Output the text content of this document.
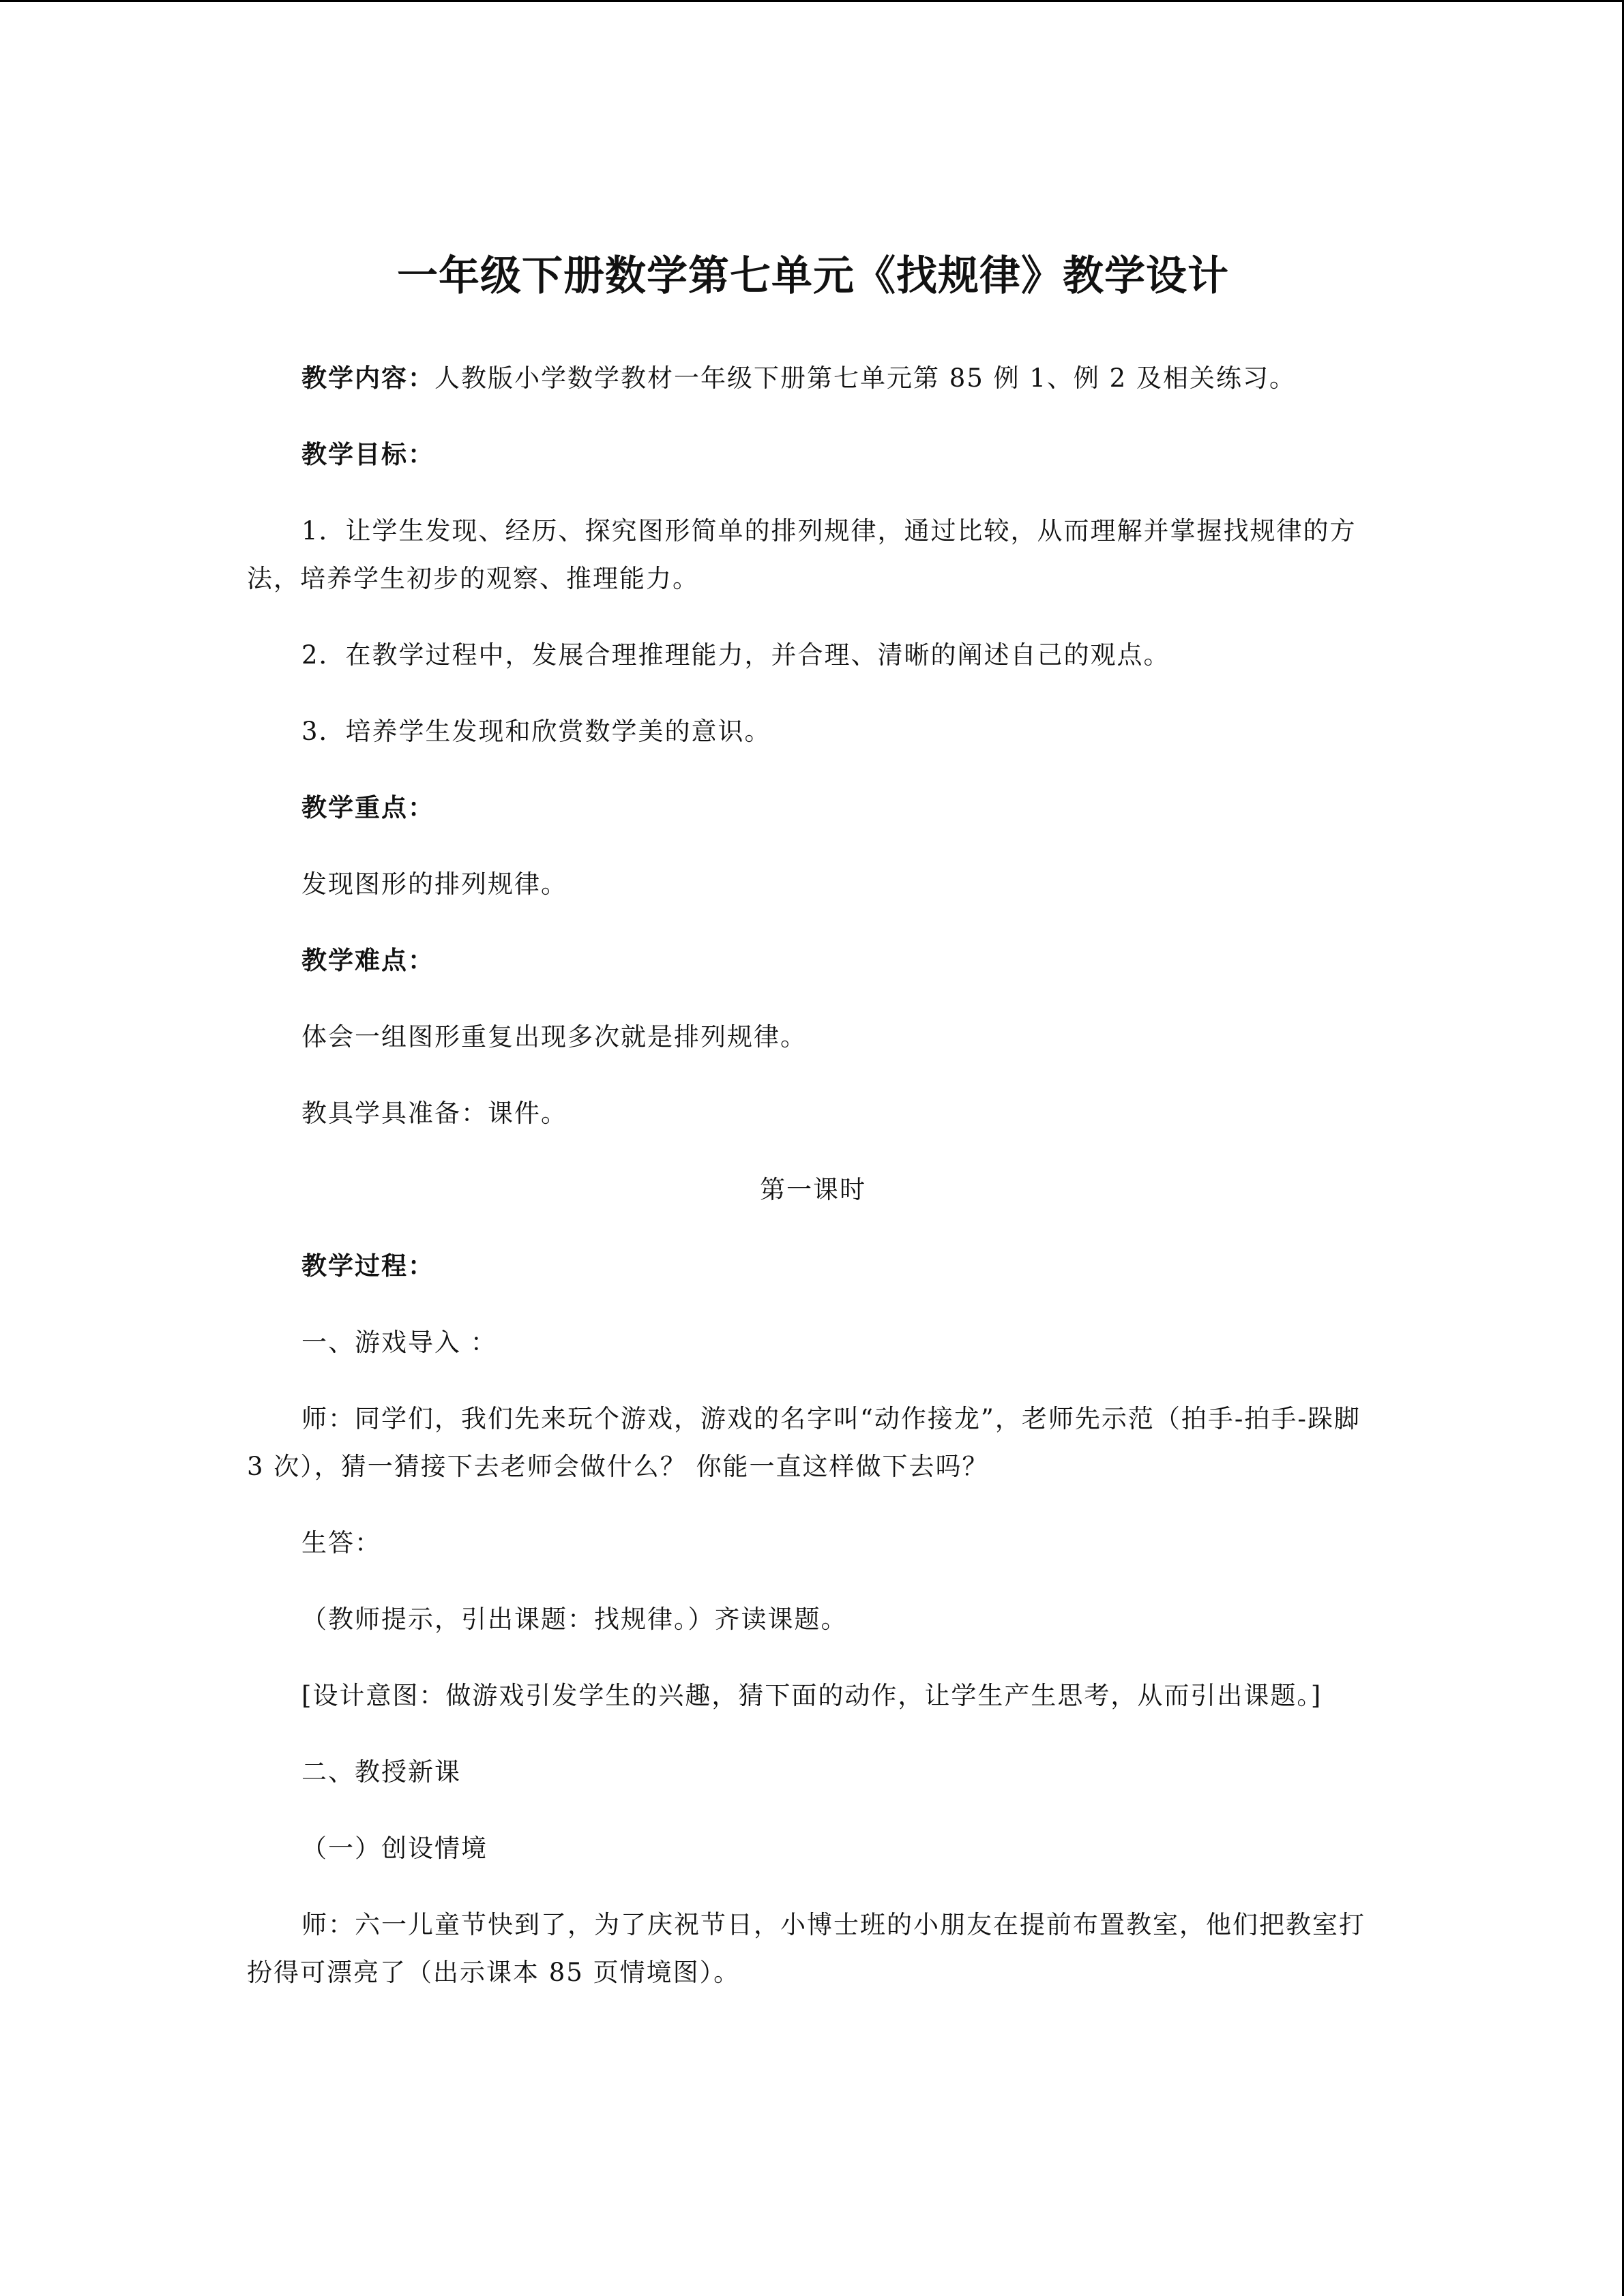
一年级下册数学第七单元《找规律》教学设计

教学内容：人教版小学数学教材一年级下册第七单元第 85 例 1、例 2 及相关练习。

教学目标：

1．让学生发现、经历、探究图形简单的排列规律，通过比较，从而理解并掌握找规律的方法，培养学生初步的观察、推理能力。

2．在教学过程中，发展合理推理能力，并合理、清晰的阐述自己的观点。

3．培养学生发现和欣赏数学美的意识。

教学重点：

发现图形的排列规律。

教学难点：

体会一组图形重复出现多次就是排列规律。

教具学具准备：课件。

第一课时

教学过程：

一、游戏导入 ：

师：同学们，我们先来玩个游戏，游戏的名字叫“动作接龙”，老师先示范（拍手-拍手-跺脚 3 次），猜一猜接下去老师会做什么？ 你能一直这样做下去吗？

生答：

（教师提示，引出课题：找规律。）齐读课题。

[设计意图：做游戏引发学生的兴趣，猜下面的动作，让学生产生思考，从而引出课题。]

二、教授新课

（一）创设情境

师：六一儿童节快到了，为了庆祝节日，小博士班的小朋友在提前布置教室，他们把教室打扮得可漂亮了（出示课本 85 页情境图）。
